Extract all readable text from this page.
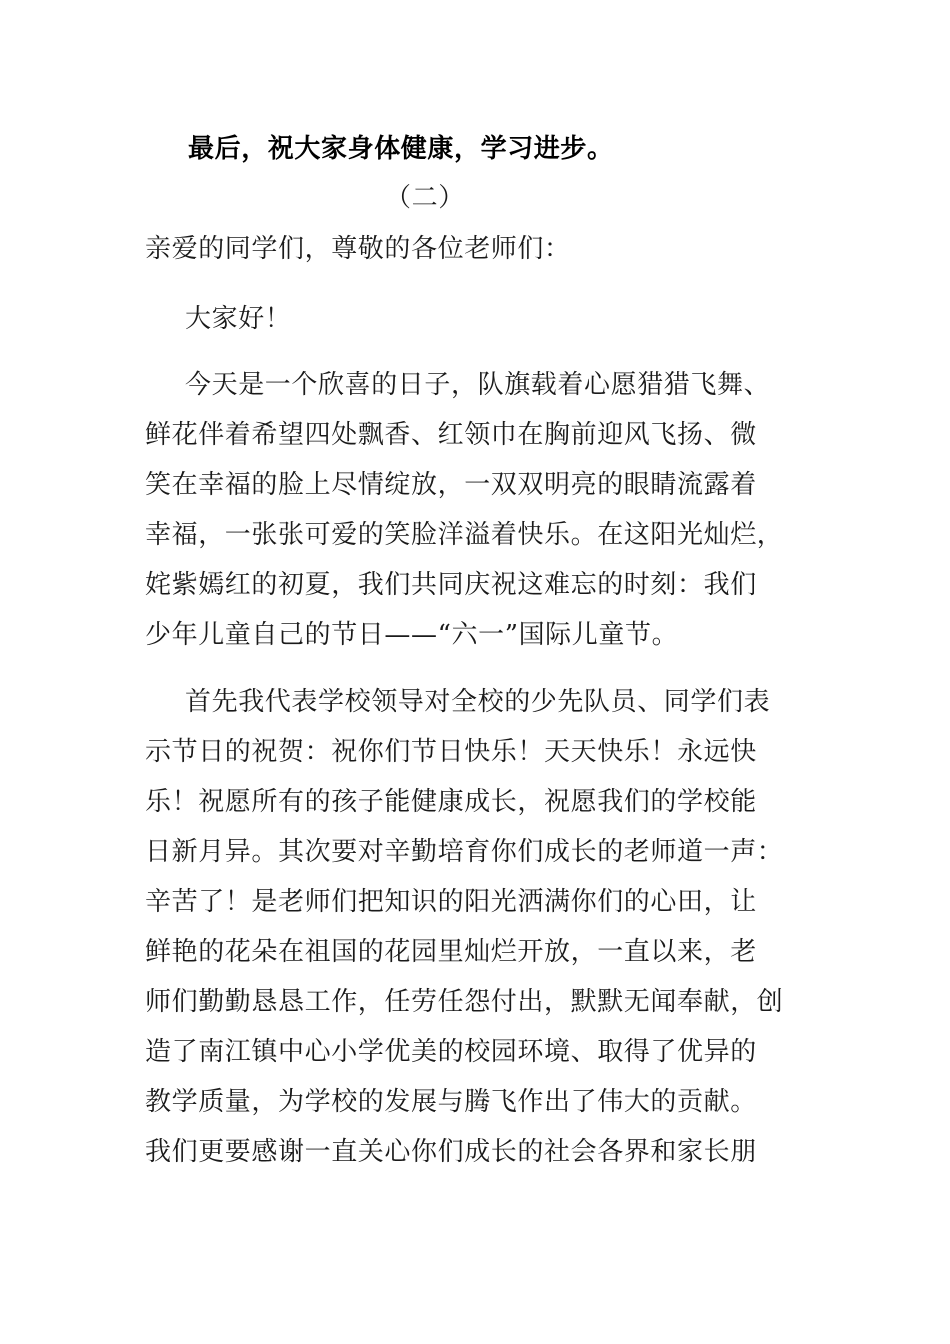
最后，祝大家身体健康，学习进步。
（二）
亲爱的同学们，尊敬的各位老师们：
大家好！
今天是一个欣喜的日子，队旗载着心愿猎猎飞舞、
鲜花伴着希望四处飘香、红领巾在胸前迎风飞扬、微
笑在幸福的脸上尽情绽放，一双双明亮的眼睛流露着
幸福，一张张可爱的笑脸洋溢着快乐。在这阳光灿烂，
姹紫嫣红的初夏，我们共同庆祝这难忘的时刻：我们
少年儿童自己的节日——“六一”国际儿童节。
首先我代表学校领导对全校的少先队员、同学们表
示节日的祝贺：祝你们节日快乐！天天快乐！永远快
乐！祝愿所有的孩子能健康成长，祝愿我们的学校能
日新月异。其次要对辛勤培育你们成长的老师道一声：
辛苦了！是老师们把知识的阳光洒满你们的心田，让
鲜艳的花朵在祖国的花园里灿烂开放，一直以来，老
师们勤勤恳恳工作，任劳任怨付出，默默无闻奉献，创
造了南江镇中心小学优美的校园环境、取得了优异的
教学质量，为学校的发展与腾飞作出了伟大的贡献。
我们更要感谢一直关心你们成长的社会各界和家长朋
